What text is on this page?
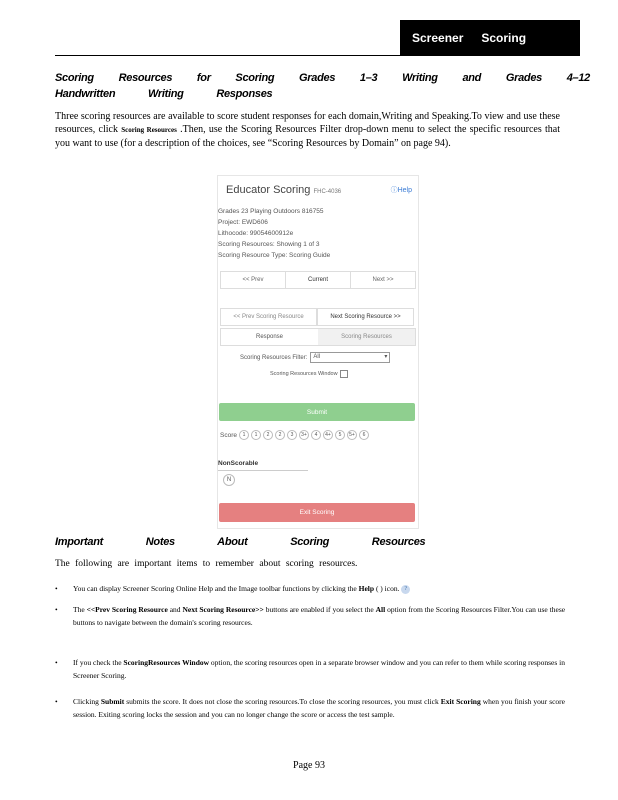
Screener Scoring
Scoring Resources for Scoring Grades 1–3 Writing and Grades 4–12
Handwritten Writing Responses
Three scoring resources are available to score student responses for each domain,Writing and Speaking.To view and use these resources, click Scoring Resources .Then, use the Scoring Resources Filter drop-down menu to select the specific resources that you want to use (for a description of the choices, see “Scoring Resources by Domain” on page 94).
Educator Scoring FHC-4036	ⓘHelp
Grades 23 Playing Outdoors 816755
Project: EWD606
Lithocode: 99054600912e
Scoring Resources: Showing 1 of 3
Scoring Resource Type: Scoring Guide
<< Prev	Current	Next >>
<< Prev Scoring Resource	Next Scoring Resource >>
Response	Scoring Resources
Scoring Resources Filter:	All ▾
Scoring Resources Window
Submit
Score	1	1	2	2	3	3+	4	4+	5	5+	6
NonScorable
N
Exit Scoring
Important Notes About Scoring Resources
The following are important items to remember about scoring resources.
• You can display Screener Scoring Online Help and the Image toolbar functions by clicking the Help ( ) icon. ?
• The <<Prev Scoring Resource and Next Scoring Resource>> buttons are enabled if you select the All option from the Scoring Resources Filter.You can use these buttons to navigate between the domain's scoring resources.
• If you check the ScoringResources Window option, the scoring resources open in a separate browser window and you can refer to them while scoring responses in Screener Scoring.
• Clicking Submit submits the score. It does not close the scoring resources.To close the scoring resources, you must click Exit Scoring when you finish your score session. Exiting scoring locks the session and you can no longer change the score or access the test sample.
Page 93
